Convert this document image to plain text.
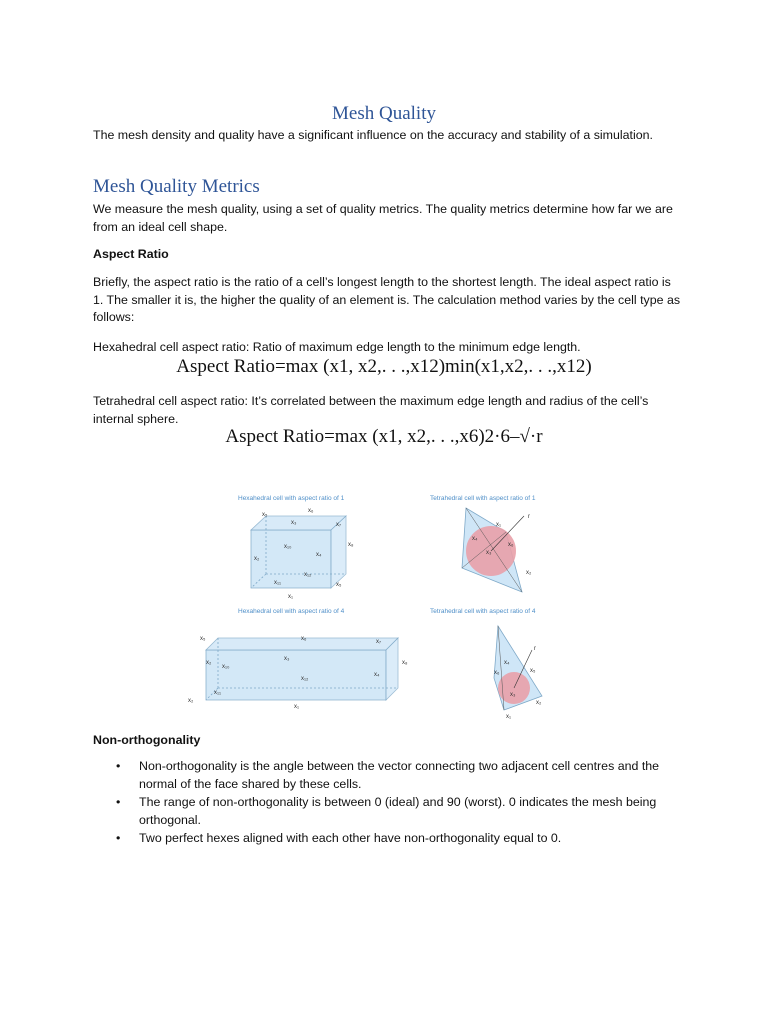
Mesh Quality
The mesh density and quality have a significant influence on the accuracy and stability of a simulation.
Mesh Quality Metrics
We measure the mesh quality, using a set of quality metrics. The quality metrics determine how far we are from an ideal cell shape.
Aspect Ratio
Briefly, the aspect ratio is the ratio of a cell’s longest length to the shortest length. The ideal aspect ratio is 1. The smaller it is, the higher the quality of an element is. The calculation method varies by the cell type as follows:
Hexahedral cell aspect ratio: Ratio of maximum edge length to the minimum edge length.
Aspect Ratio=max (x1, x2,. . .,x12)min(x1,x2,. . .,x12)
Tetrahedral cell aspect ratio: It’s correlated between the maximum edge length and radius of the cell’s internal sphere.
Aspect Ratio=max (x1, x2,. . .,x6)2·6–√·r
Hexahedral cell with aspect ratio of 1	Tetrahedral cell with aspect ratio of 1
Hexahedral cell with aspect ratio of 4	Tetrahedral cell with aspect ratio of 4
x₅
x₆
x₃	x₇
x₁₀
x₂
x₄
x₈
x₁₂
x₁₁	x₅
x₁
r
x₁
x₄
x₆
x₃
x₂
x₅	x₆
x₃
x₇
x₁₀
x₂
x₄
x₈
x₁₂
x₁₁
x₂
x₁
r
x₄
x₆	x₅
x₃
x₂
x₁
Non-orthogonality
• Non-orthogonality is the angle between the vector connecting two adjacent cell centres and the normal of the face shared by these cells.
• The range of non-orthogonality is between 0 (ideal) and 90 (worst). 0 indicates the mesh being orthogonal.
• Two perfect hexes aligned with each other have non-orthogonality equal to 0.
